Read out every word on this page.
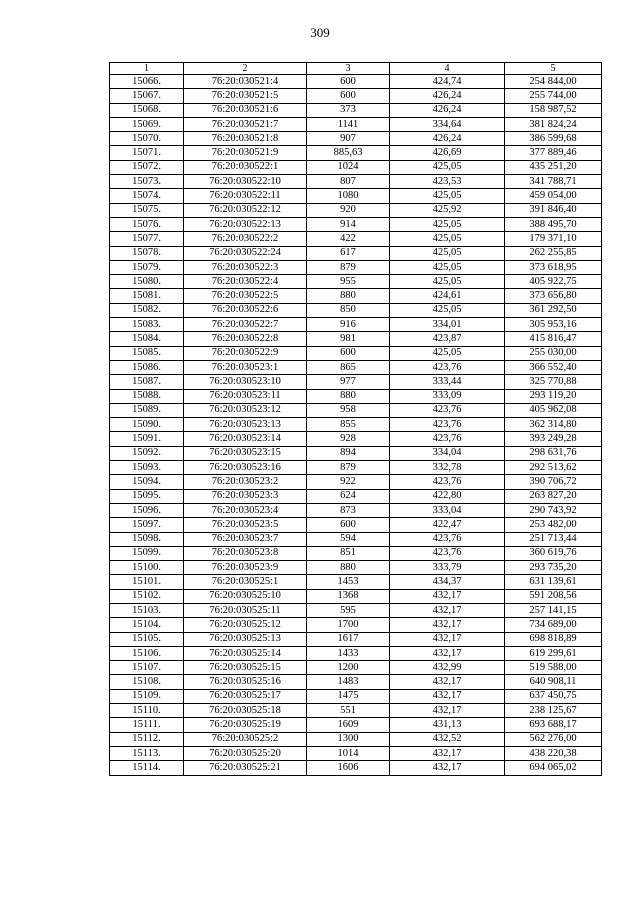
309
1	2	3	4	5
15066.	76:20:030521:4	600	424,74	254 844,00
15067.	76:20:030521:5	600	426,24	255 744,00
15068.	76:20:030521:6	373	426,24	158 987,52
15069.	76:20:030521:7	1141	334,64	381 824,24
15070.	76:20:030521:8	907	426,24	386 599,68
15071.	76:20:030521:9	885,63	426,69	377 889,46
15072.	76:20:030522:1	1024	425,05	435 251,20
15073.	76:20:030522:10	807	423,53	341 788,71
15074.	76:20:030522:11	1080	425,05	459 054,00
15075.	76:20:030522:12	920	425,92	391 846,40
15076.	76:20:030522:13	914	425,05	388 495,70
15077.	76:20:030522:2	422	425,05	179 371,10
15078.	76:20:030522:24	617	425,05	262 255,85
15079.	76:20:030522:3	879	425,05	373 618,95
15080.	76:20:030522:4	955	425,05	405 922,75
15081.	76:20:030522:5	880	424,61	373 656,80
15082.	76:20:030522:6	850	425,05	361 292,50
15083.	76:20:030522:7	916	334,01	305 953,16
15084.	76:20:030522:8	981	423,87	415 816,47
15085.	76:20:030522:9	600	425,05	255 030,00
15086.	76:20:030523:1	865	423,76	366 552,40
15087.	76:20:030523:10	977	333,44	325 770,88
15088.	76:20:030523:11	880	333,09	293 119,20
15089.	76:20:030523:12	958	423,76	405 962,08
15090.	76:20:030523:13	855	423,76	362 314,80
15091.	76:20:030523:14	928	423,76	393 249,28
15092.	76:20:030523:15	894	334,04	298 631,76
15093.	76:20:030523:16	879	332,78	292 513,62
15094.	76:20:030523:2	922	423,76	390 706,72
15095.	76:20:030523:3	624	422,80	263 827,20
15096.	76:20:030523:4	873	333,04	290 743,92
15097.	76:20:030523:5	600	422,47	253 482,00
15098.	76:20:030523:7	594	423,76	251 713,44
15099.	76:20:030523:8	851	423,76	360 619,76
15100.	76:20:030523:9	880	333,79	293 735,20
15101.	76:20:030525:1	1453	434,37	631 139,61
15102.	76:20:030525:10	1368	432,17	591 208,56
15103.	76:20:030525:11	595	432,17	257 141,15
15104.	76:20:030525:12	1700	432,17	734 689,00
15105.	76:20:030525:13	1617	432,17	698 818,89
15106.	76:20:030525:14	1433	432,17	619 299,61
15107.	76:20:030525:15	1200	432,99	519 588,00
15108.	76:20:030525:16	1483	432,17	640 908,11
15109.	76:20:030525:17	1475	432,17	637 450,75
15110.	76:20:030525:18	551	432,17	238 125,67
15111.	76:20:030525:19	1609	431,13	693 688,17
15112.	76:20:030525:2	1300	432,52	562 276,00
15113.	76:20:030525:20	1014	432,17	438 220,38
15114.	76:20:030525:21	1606	432,17	694 065,02
